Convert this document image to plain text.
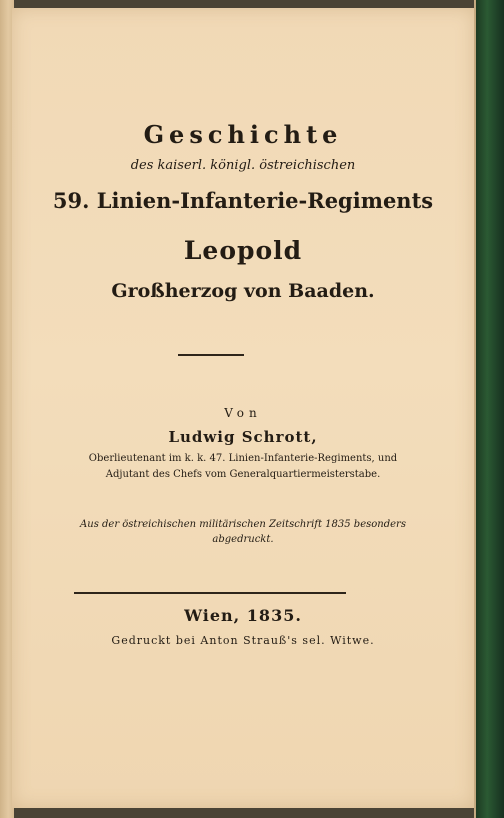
Geschichte
des kaiserl. königl. östreichischen
59. Linien-Infanterie-Regiments
Leopold
Großherzog von Baaden.
Von
Ludwig Schrott,
Oberlieutenant im k. k. 47. Linien-Infanterie-Regiments, und
Adjutant des Chefs vom Generalquartiermeisterstabe.
Aus der östreichischen militärischen Zeitschrift 1835 besonders
abgedruckt.
Wien, 1835.
Gedruckt bei Anton Strauß's sel. Witwe.
